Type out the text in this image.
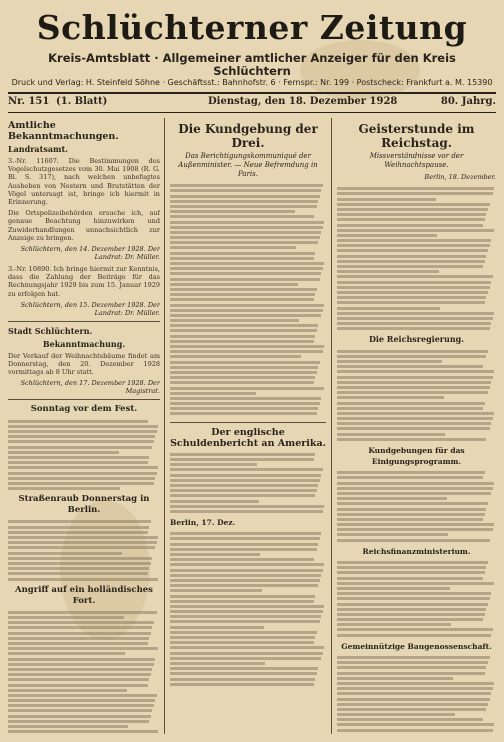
Schlüchterner Zeitung
Kreis-Amtsblatt · Allgemeiner amtlicher Anzeiger für den Kreis Schlüchtern
Druck und Verlag: H. Steinfeld Söhne · Geschäftsst.: Bahnhofstr. 6 · Fernspr.: Nr. 199 · Postscheck: Frankfurt a. M. 15390
Nr. 151 (1. Blatt)	Dienstag, den 18. Dezember 1928	80. Jahrg.
Amtliche Bekanntmachungen.
Landratsamt.

3.-Nr. 11607. Die Bestimmungen des Vogelschutzgesetzes vom 30. Mai 1908 (R. G. Bl. S. 317), nach welchen unbefugtes Ausheben von Nestern und Brutstätten der Vögel untersagt ist, bringe ich hiermit in Erinnerung.

Die Ortspolizeibehörden ersuche ich, auf genaue Beachtung hinzuwirken und Zuwiderhandlungen unnachsichtlich zur Anzeige zu bringen.

Schlüchtern, den 14. Dezember 1928. Der Landrat: Dr. Müller.

3.-Nr. 10890. Ich bringe hiermit zur Kenntnis, dass die Zahlung der Beiträge für das Rechnungsjahr 1929 bis zum 15. Januar 1929 zu erfolgen hat.

Schlüchtern, den 15. Dezember 1928. Der Landrat: Dr. Müller.

Stadt Schlüchtern.
Bekanntmachung.

Der Verkauf der Weihnachtsbäume findet am Donnerstag, den 20. Dezember 1928 vormittags ab 8 Uhr statt.

Schlüchtern, den 17. Dezember 1928. Der Magistrat.

Sonntag vor dem Fest.
Straßenraub Donnerstag in Berlin.
Angriff auf ein holländisches Fort.
Die Kundgebung der Drei.
Das Berichtigungskommuniqué der Außenminister. — Neue Befremdung in Paris.
Der englische Schuldenbericht an Amerika.
Berlin, 17. Dez.
Geisterstunde im Reichstag.
Missverständnisse vor der Weihnachtspause.
Berlin, 18. Dezember.
Die Reichsregierung.
Kundgebungen für das Einigungsprogramm.
Reichsfinanzministerium.
Gemeinnützige Baugenossenschaft.
